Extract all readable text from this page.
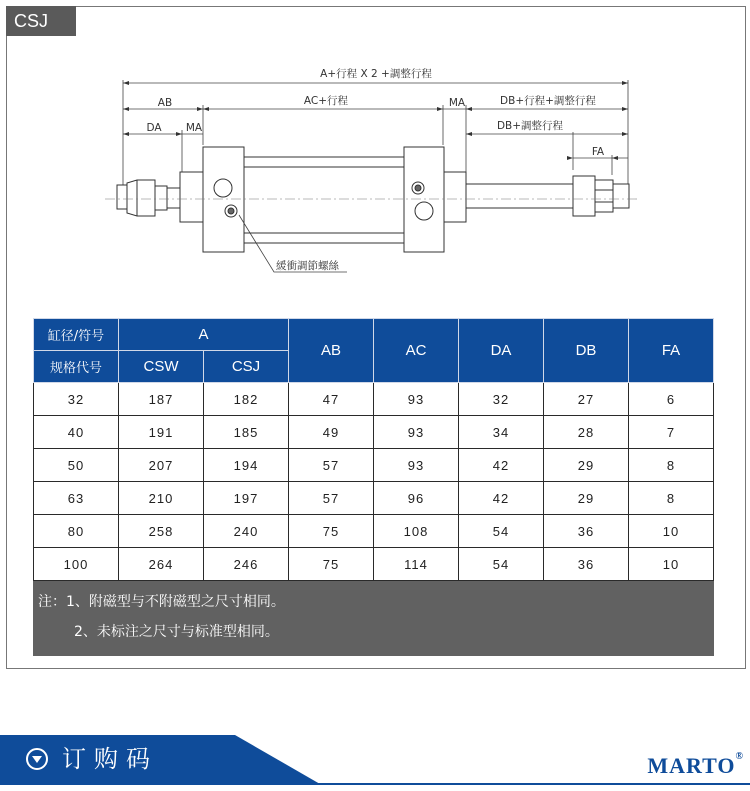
CSJ
A+行程 X 2 +調整行程
AB	AC+行程	MA	DB+行程+調整行程
DA MA	DB+調整行程
FA
緩衝調節螺絲
缸径/符号	A		AB	AC	DA	DB	FA
规格代号	CSW	CSJ					
32	187	182	47	93	32	27	6
40	191	185	49	93	34	28	7
50	207	194	57	93	42	29	8
63	210	197	57	96	42	29	8
80	258	240	75	108	54	36	10
100	264	246	75	114	54	36	10

注：1、附磁型与不附磁型之尺寸相同。
2、未标注之尺寸与标准型相同。							
订购码	MARTO®
